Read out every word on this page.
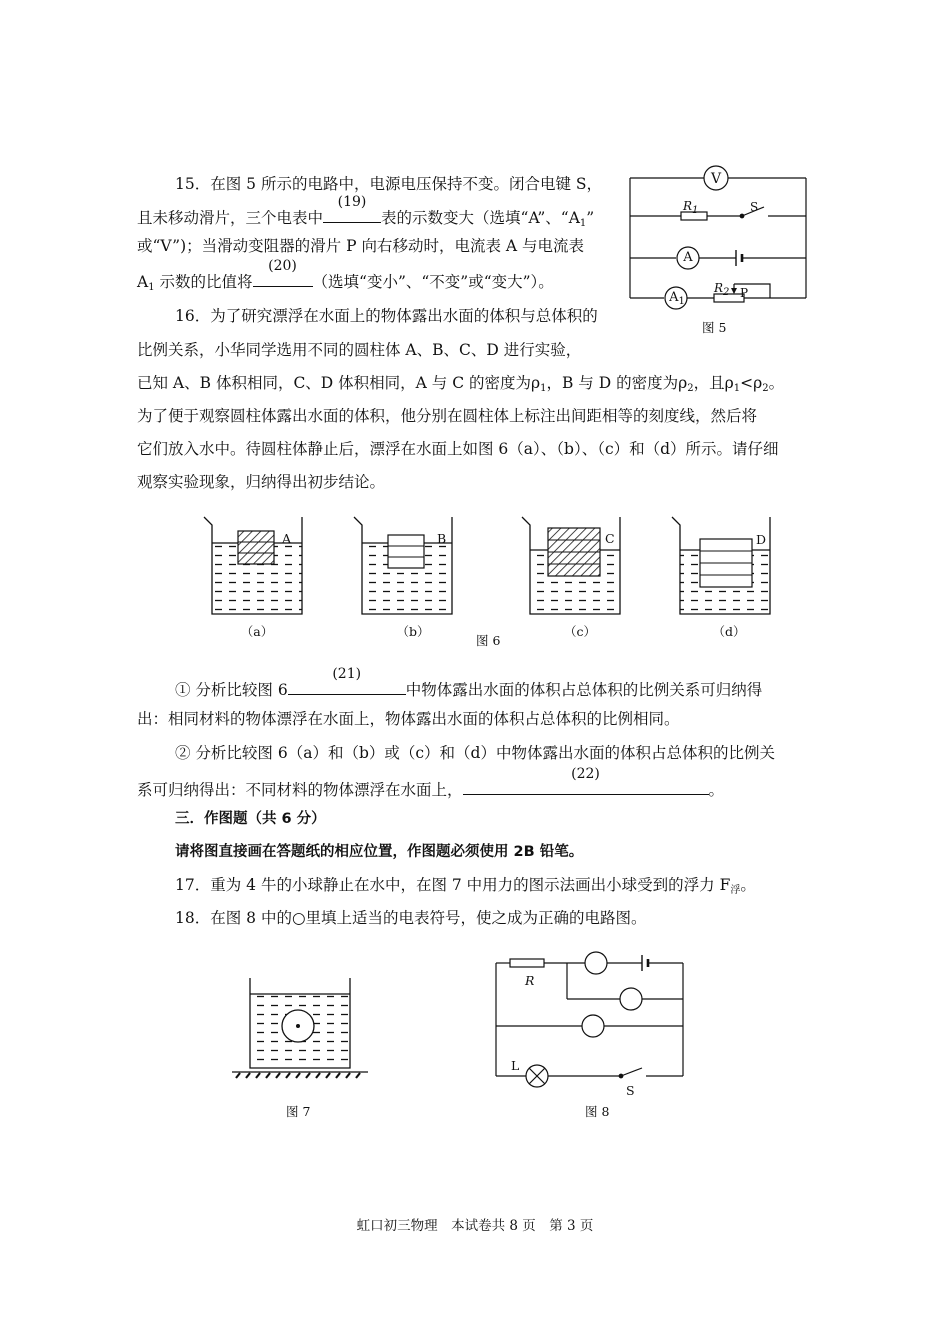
15．在图 5 所示的电路中，电源电压保持不变。闭合电键 S，
且未移动滑片，三个电表中
(19)
表的示数变大（选填“A”、“$A_1$”
或“V”)；当滑动变阻器的滑片 P 向右移动时，电流表 A 与电流表
$A_1$ 示数的比值将
(20)
（选填“变小”、“不变”或“变大”）。
V
A
$A_1$
$R_1$	S
$R_2$ P
图 5
16．为了研究漂浮在水面上的物体露出水面的体积与总体积的
比例关系，小华同学选用不同的圆柱体 A、B、C、D 进行实验，
已知 A、B 体积相同，C、D 体积相同，A 与 C 的密度为$\rho_1$，B 与 D 的密度为$\rho_2$，且$\rho_1<\rho_2$。
为了便于观察圆柱体露出水面的体积，他分别在圆柱体上标注出间距相等的刻度线，然后将
它们放入水中。待圆柱体静止后，漂浮在水面上如图 6（a）、（b）、（c）和（d）所示。请仔细
观察实验现象，归纳得出初步结论。
A	B	C	D
（a）	（b）	（c）	（d）
图 6
① 分析比较图 6
(21)
中物体露出水面的体积占总体积的比例关系可归纳得
出：相同材料的物体漂浮在水面上，物体露出水面的体积占总体积的比例相同。
② 分析比较图 6（a）和（b）或（c）和（d）中物体露出水面的体积占总体积的比例关
系可归纳得出：不同材料的物体漂浮在水面上，
(22)
。
三．作图题（共 6 分）
请将图直接画在答题纸的相应位置，作图题必须使用 2B 铅笔。
17．重为 4 牛的小球静止在水中，在图 7 中用力的图示法画出小球受到的浮力 $F_浮$。
18．在图 8 中的○里填上适当的电表符号，使之成为正确的电路图。
图 7
R
L
S
图 8
虹口初三物理　本试卷共 8 页　第 3 页
